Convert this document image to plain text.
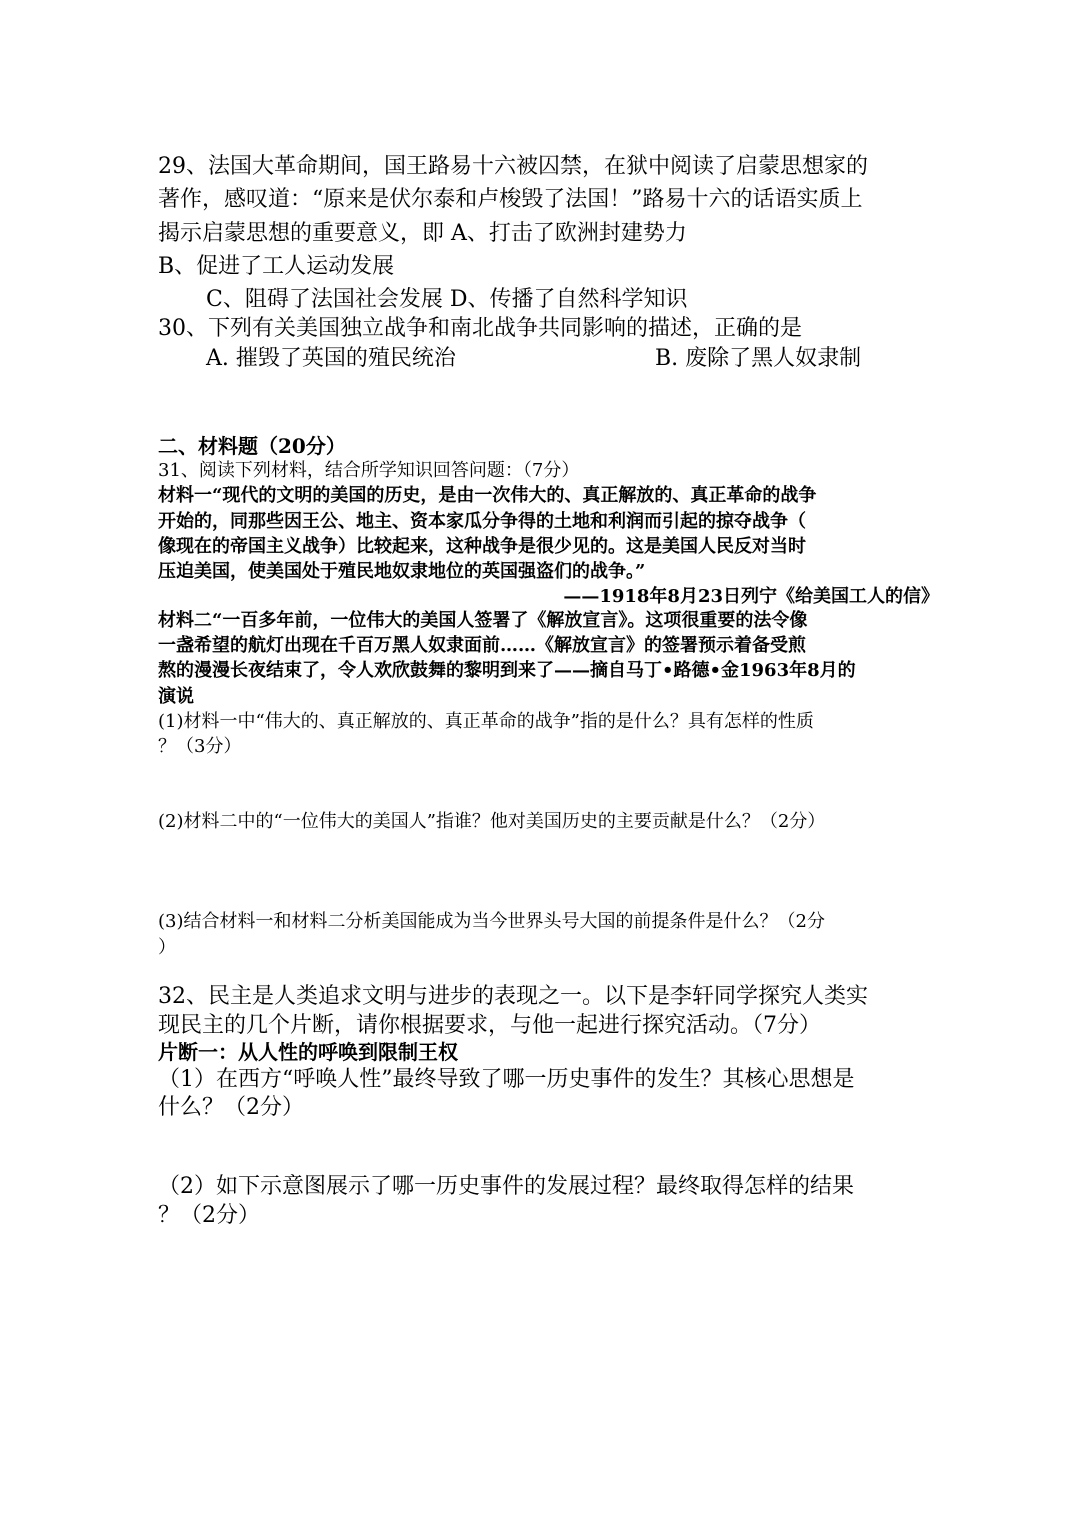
29、法国大革命期间，国王路易十六被囚禁，在狱中阅读了启蒙思想家的
著作，感叹道：“原来是伏尔泰和卢梭毁了法国！”路易十六的话语实质上
揭示启蒙思想的重要意义，即 A、打击了欧洲封建势力
B、促进了工人运动发展
C、阻碍了法国社会发展 D、传播了自然科学知识
30、下列有关美国独立战争和南北战争共同影响的描述，正确的是
A. 摧毁了英国的殖民统治	B. 废除了黑人奴隶制
二、材料题（20分）
31、阅读下列材料，结合所学知识回答问题：（7分）
材料一“现代的文明的美国的历史，是由一次伟大的、真正解放的、真正革命的战争
开始的，同那些因王公、地主、资本家瓜分争得的土地和利润而引起的掠夺战争（
像现在的帝国主义战争）比较起来，这种战争是很少见的。这是美国人民反对当时
压迫美国，使美国处于殖民地奴隶地位的英国强盗们的战争。”
——1918年8月23日列宁《给美国工人的信》
材料二“一百多年前，一位伟大的美国人签署了《解放宣言》。这项很重要的法令像
一盏希望的航灯出现在千百万黑人奴隶面前……《解放宣言》的签署预示着备受煎
熬的漫漫长夜结束了，令人欢欣鼓舞的黎明到来了——摘自马丁•路德•金1963年8月的
演说
(1)材料一中“伟大的、真正解放的、真正革命的战争”指的是什么？具有怎样的性质
？（3分）
(2)材料二中的“一位伟大的美国人”指谁？他对美国历史的主要贡献是什么？（2分）
(3)结合材料一和材料二分析美国能成为当今世界头号大国的前提条件是什么？（2分
）
32、民主是人类追求文明与进步的表现之一。以下是李轩同学探究人类实
现民主的几个片断，请你根据要求，与他一起进行探究活动。（7分）
片断一：从人性的呼唤到限制王权
（1）在西方“呼唤人性”最终导致了哪一历史事件的发生？其核心思想是
什么？（2分）
（2）如下示意图展示了哪一历史事件的发展过程？最终取得怎样的结果
？（2分）
